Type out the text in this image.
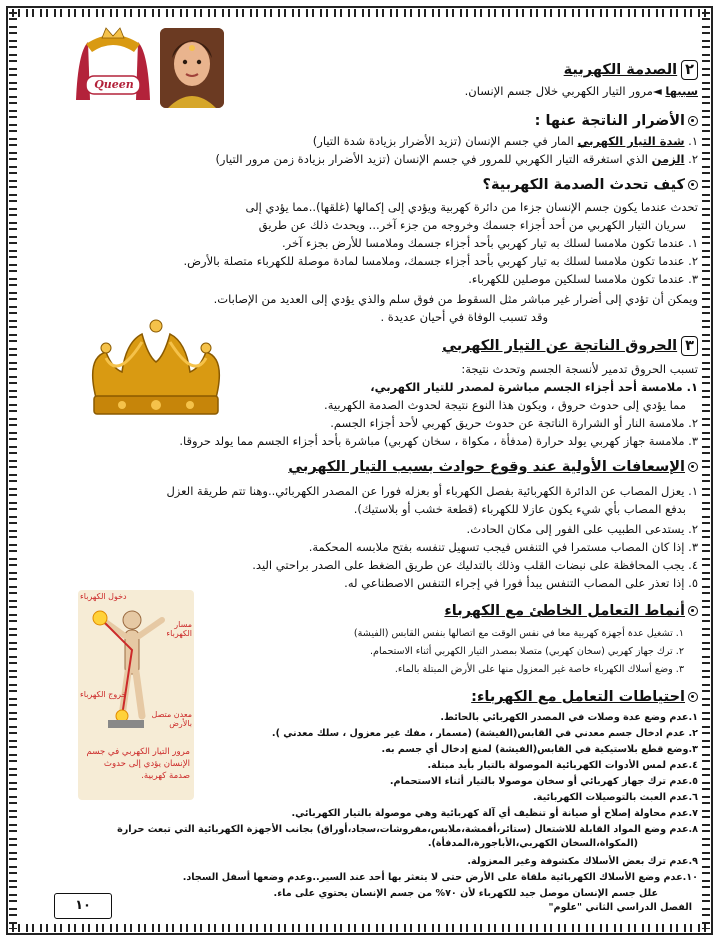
Queen
دخول الكهرباء
مسار الكهرباء
خروج الكهرباء
معدن متصل بالأرض
مرور التيار الكهربي في جسم الإنسان يؤدي إلى حدوث صدمة كهربية.
٢الصدمة الكهربية
سببها ◄مرور التيار الكهربي خلال جسم الإنسان.
الأضرار الناتجة عنها :
١. شدة التيار الكهربي المار في جسم الإنسان (تزيد الأضرار بزيادة شدة التيار)
٢. الزمن الذي استغرقه التيار الكهربي للمرور في جسم الإنسان (تزيد الأضرار بزيادة زمن مرور التيار)
كيف تحدث الصدمة الكهربية؟
تحدث عندما يكون جسم الإنسان جزءا من دائرة كهربية ويؤدي إلى إكمالها (غلقها)..مما يؤدي إلى
سريان التيار الكهربي من أحد أجزاء جسمك وخروجه من جزء آخر... ويحدث ذلك عن طريق
١. عندما تكون ملامسا لسلك به تيار كهربي بأحد أجزاء جسمك وملامسا للأرض بجزء آخر.
٢. عندما تكون ملامسا لسلك به تيار كهربي بأحد أجزاء جسمك، وملامسا لمادة موصلة للكهرباء متصلة بالأرض.
٣. عندما تكون ملامسا لسلكين موصلين للكهرباء.
ويمكن أن تؤدي إلى أضرار غير مباشر مثل السقوط من فوق سلم والذي يؤدي إلى العديد من الإصابات.
وقد تسبب الوفاة في أحيان عديدة .
٣الحروق الناتجة عن التيار الكهربي
تسبب الحروق تدمير لأنسجة الجسم وتحدث نتيجة:
١. ملامسة أحد أجزاء الجسم مباشرة لمصدر للتيار الكهربي،
مما يؤدي إلى حدوث حروق ، ويكون هذا النوع نتيجة لحدوث الصدمة الكهربية.
٢. ملامسة النار أو الشرارة الناتجة عن حدوث حريق كهربي لأحد أجزاء الجسم.
٣. ملامسة جهاز كهربي يولد حرارة (مدفأة ، مكواة ، سخان كهربي) مباشرة بأحد أجزاء الجسم مما يولد حروقا.
الإسعافات الأولية عند وقوع حوادث بسبب التيار الكهربي
١. يعزل المصاب عن الدائرة الكهربائية بفصل الكهرباء أو بعزله فورا عن المصدر الكهربائي..وهنا تتم طريقة العزل
بدفع المصاب بأي شيء يكون عازلا للكهرباء (قطعة خشب أو بلاستيك).
٢. يستدعى الطبيب على الفور إلى مكان الحادث.
٣. إذا كان المصاب مستمرا في التنفس فيجب تسهيل تنفسه بفتح ملابسه المحكمة.
٤. يجب المحافظة على نبضات القلب وذلك بالتدليك عن طريق الضغط على الصدر براحتي اليد.
٥. إذا تعذر على المصاب التنفس يبدأ فورا في إجراء التنفس الاصطناعي له.
أنماط التعامل الخاطئ مع الكهرباء
١. تشغيل عدة أجهزة كهربية معا في نفس الوقت مع اتصالها بنفس القابس (الفيشة)
٢. ترك جهاز كهربي (سخان كهربي) متصلا بمصدر التيار الكهربي أثناء الاستحمام.
٣. وضع أسلاك الكهرباء خاصة غير المعزول منها على الأرض المبتلة بالماء.
احتياطات التعامل مع الكهرباء:
١.عدم وضع عدة وصلات في المصدر الكهربائي بالحائط.
٢. عدم ادخال جسم معدني في القابس(الفيشة) (مسمار ، مفك غير معزول ، سلك معدني ).
٣.وضع قطع بلاستيكية في القابس(الفيشة) لمنع إدخال أي جسم به.
٤.عدم لمس الأدوات الكهربائية الموصولة بالتيار بأيد مبتلة.
٥.عدم ترك جهاز كهربائي أو سخان موصولا بالتيار أثناء الاستحمام.
٦.عدم العبث بالتوصيلات الكهربائية.
٧.عدم محاولة إصلاح أو صيانة أو تنظيف أي آلة كهربائية وهي موصولة بالتيار الكهربائي.
٨.عدم وضع المواد القابلة للاشتعال (ستائر،أقمشة،ملابس،مفروشات،سجاد،أوراق) بجانب الأجهزة الكهربائية التي تبعث حرارة
(المكواة،السخان الكهربي،الأباجورة،المدفأة).
٩.عدم ترك بعض الأسلاك مكشوفة وغير المعزولة.
١٠.عدم وضع الأسلاك الكهربائية ملقاة على الأرض حتى لا يتعثر بها أحد عند السير..وعدم وضعها أسفل السجاد.
علل جسم الإنسان موصل جيد للكهرباء لأن ٧٠% من جسم الإنسان يحتوي على ماء.
الفصل الدراسي الثاني "علوم"
١٠
